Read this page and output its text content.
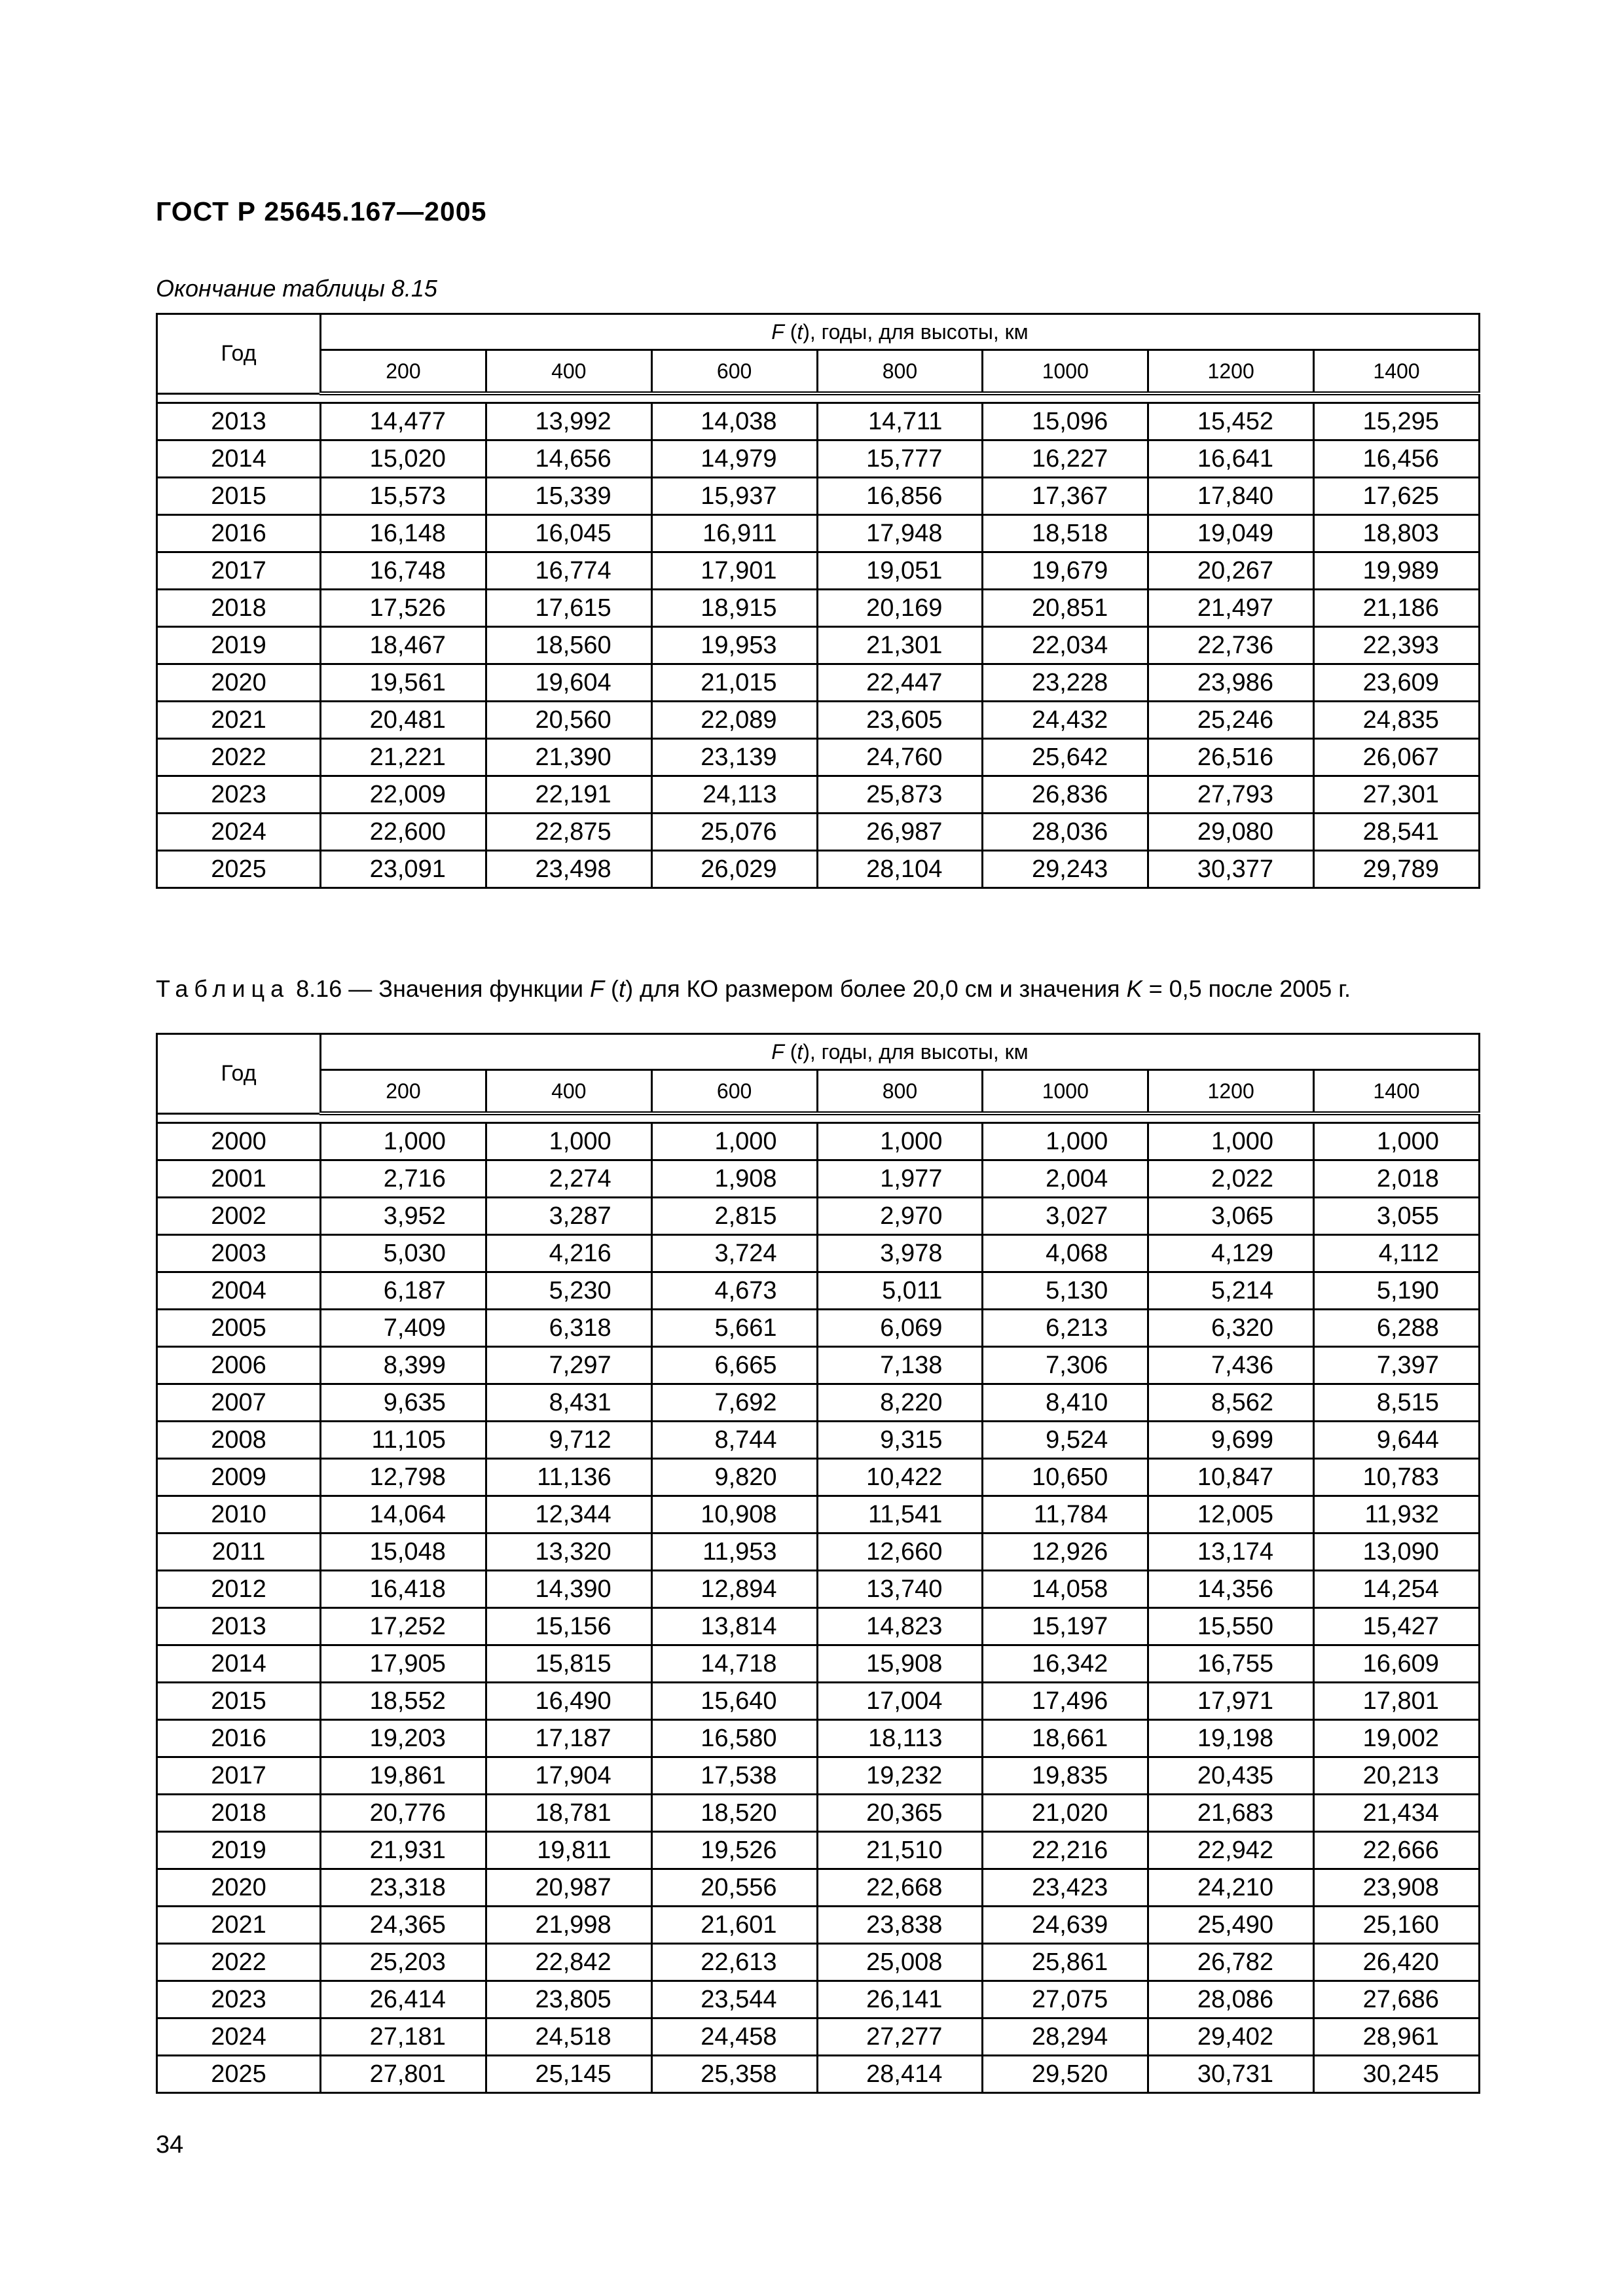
ГОСТ Р 25645.167—2005
Окончание таблицы 8.15
Год	F (t), годы, для высоты, км						
	200	400	600	800	1000	1200	1400

2013	14,477	13,992	14,038	14,711	15,096	15,452	15,295
2014	15,020	14,656	14,979	15,777	16,227	16,641	16,456
2015	15,573	15,339	15,937	16,856	17,367	17,840	17,625
2016	16,148	16,045	16,911	17,948	18,518	19,049	18,803
2017	16,748	16,774	17,901	19,051	19,679	20,267	19,989
2018	17,526	17,615	18,915	20,169	20,851	21,497	21,186
2019	18,467	18,560	19,953	21,301	22,034	22,736	22,393
2020	19,561	19,604	21,015	22,447	23,228	23,986	23,609
2021	20,481	20,560	22,089	23,605	24,432	25,246	24,835
2022	21,221	21,390	23,139	24,760	25,642	26,516	26,067
2023	22,009	22,191	24,113	25,873	26,836	27,793	27,301
2024	22,600	22,875	25,076	26,987	28,036	29,080	28,541
2025	23,091	23,498	26,029	28,104	29,243	30,377	29,789
Таблица 8.16 — Значения функции F (t) для КО размером более 20,0 см и значения K = 0,5 после 2005 г.
Год	F (t), годы, для высоты, км						
	200	400	600	800	1000	1200	1400

2000	1,000	1,000	1,000	1,000	1,000	1,000	1,000
2001	2,716	2,274	1,908	1,977	2,004	2,022	2,018
2002	3,952	3,287	2,815	2,970	3,027	3,065	3,055
2003	5,030	4,216	3,724	3,978	4,068	4,129	4,112
2004	6,187	5,230	4,673	5,011	5,130	5,214	5,190
2005	7,409	6,318	5,661	6,069	6,213	6,320	6,288
2006	8,399	7,297	6,665	7,138	7,306	7,436	7,397
2007	9,635	8,431	7,692	8,220	8,410	8,562	8,515
2008	11,105	9,712	8,744	9,315	9,524	9,699	9,644
2009	12,798	11,136	9,820	10,422	10,650	10,847	10,783
2010	14,064	12,344	10,908	11,541	11,784	12,005	11,932
2011	15,048	13,320	11,953	12,660	12,926	13,174	13,090
2012	16,418	14,390	12,894	13,740	14,058	14,356	14,254
2013	17,252	15,156	13,814	14,823	15,197	15,550	15,427
2014	17,905	15,815	14,718	15,908	16,342	16,755	16,609
2015	18,552	16,490	15,640	17,004	17,496	17,971	17,801
2016	19,203	17,187	16,580	18,113	18,661	19,198	19,002
2017	19,861	17,904	17,538	19,232	19,835	20,435	20,213
2018	20,776	18,781	18,520	20,365	21,020	21,683	21,434
2019	21,931	19,811	19,526	21,510	22,216	22,942	22,666
2020	23,318	20,987	20,556	22,668	23,423	24,210	23,908
2021	24,365	21,998	21,601	23,838	24,639	25,490	25,160
2022	25,203	22,842	22,613	25,008	25,861	26,782	26,420
2023	26,414	23,805	23,544	26,141	27,075	28,086	27,686
2024	27,181	24,518	24,458	27,277	28,294	29,402	28,961
2025	27,801	25,145	25,358	28,414	29,520	30,731	30,245
34
